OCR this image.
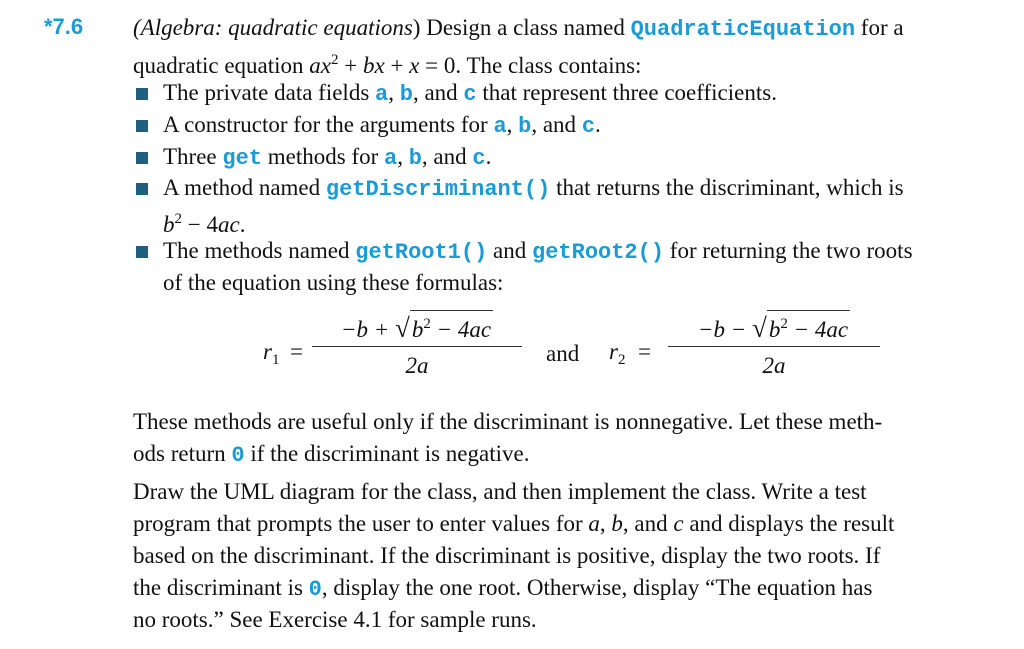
*7.6 (Algebra: quadratic equations) Design a class named QuadraticEquation for a
quadratic equation $ax^2$ + bx + x = 0. The class contains:
The private data fields a, b, and c that represent three coefficients.
A constructor for the arguments for a, b, and c.
Three get methods for a, b, and c.
A method named getDiscriminant() that returns the discriminant, which is
$b^2 - 4ac$.
The methods named getRoot1() and getRoot2() for returning the two roots
of the equation using these formulas:
These methods are useful only if the discriminant is nonnegative. Let these meth-
ods return 0 if the discriminant is negative.
Draw the UML diagram for the class, and then implement the class. Write a test
program that prompts the user to enter values for a, b, and c and displays the result
based on the discriminant. If the discriminant is positive, display the two roots. If
the discriminant is 0, display the one root. Otherwise, display “The equation has
no roots.” See Exercise 4.1 for sample runs.
$r_1 = \frac{-b + √b^2 - 4ac}{2a}$ and $r_2 = \frac{-b - √b^2 - 4ac}{2a}$
